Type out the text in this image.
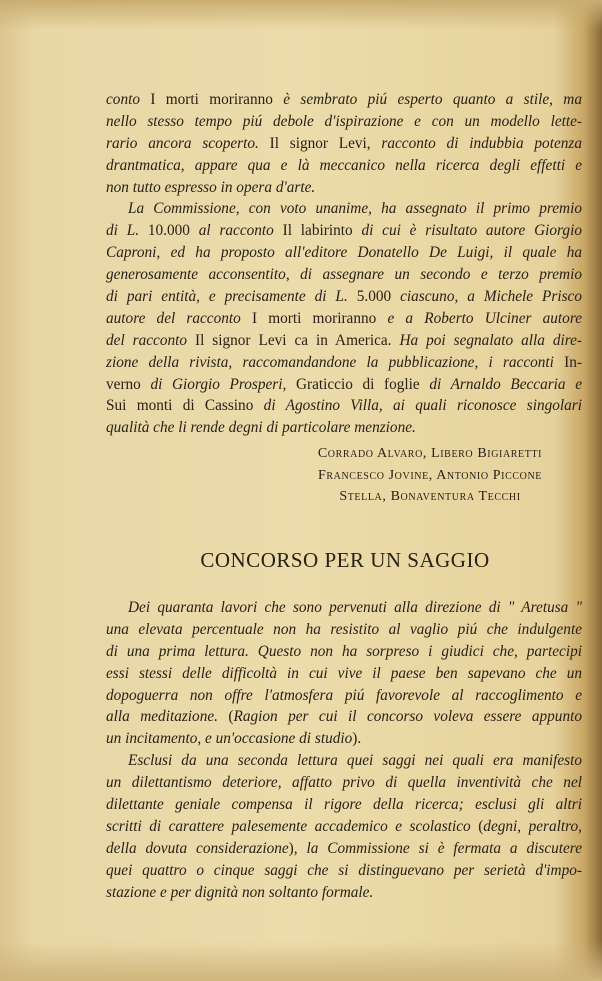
conto I morti moriranno è sembrato piú esperto quanto a stile, ma
nello stesso tempo piú debole d'ispirazione e con un modello lette-
rario ancora scoperto. Il signor Levi, racconto di indubbia potenza
drantmatica, appare qua e là meccanico nella ricerca degli effetti e
non tutto espresso in opera d'arte.
La Commissione, con voto unanime, ha assegnato il primo premio
di L. 10.000 al racconto Il labirinto di cui è risultato autore Giorgio
Caproni, ed ha proposto all'editore Donatello De Luigi, il quale ha
generosamente acconsentito, di assegnare un secondo e terzo premio
di pari entità, e precisamente di L. 5.000 ciascuno, a Michele Prisco
autore del racconto I morti moriranno e a Roberto Ulciner autore
del racconto Il signor Levi ca in America. Ha poi segnalato alla dire-
zione della rivista, raccomandandone la pubblicazione, i racconti In-
verno di Giorgio Prosperi, Graticcio di foglie di Arnaldo Beccaria e
Sui monti di Cassino di Agostino Villa, ai quali riconosce singolari
qualità che li rende degni di particolare menzione.
Corrado Alvaro, Libero Bigiaretti
Francesco Jovine, Antonio Piccone
Stella, Bonaventura Tecchi
CONCORSO PER UN SAGGIO
Dei quaranta lavori che sono pervenuti alla direzione di " Aretusa "
una elevata percentuale non ha resistito al vaglio piú che indulgente
di una prima lettura. Questo non ha sorpreso i giudici che, partecipi
essi stessi delle difficoltà in cui vive il paese ben sapevano che un
dopoguerra non offre l'atmosfera piú favorevole al raccoglimento e
alla meditazione. (Ragion per cui il concorso voleva essere appunto
un incitamento, e un'occasione di studio).
Esclusi da una seconda lettura quei saggi nei quali era manifesto
un dilettantismo deteriore, affatto privo di quella inventività che nel
dilettante geniale compensa il rigore della ricerca; esclusi gli altri
scritti di carattere palesemente accademico e scolastico (degni, peraltro,
della dovuta considerazione), la Commissione si è fermata a discutere
quei quattro o cinque saggi che si distinguevano per serietà d'impo-
stazione e per dignità non soltanto formale.
